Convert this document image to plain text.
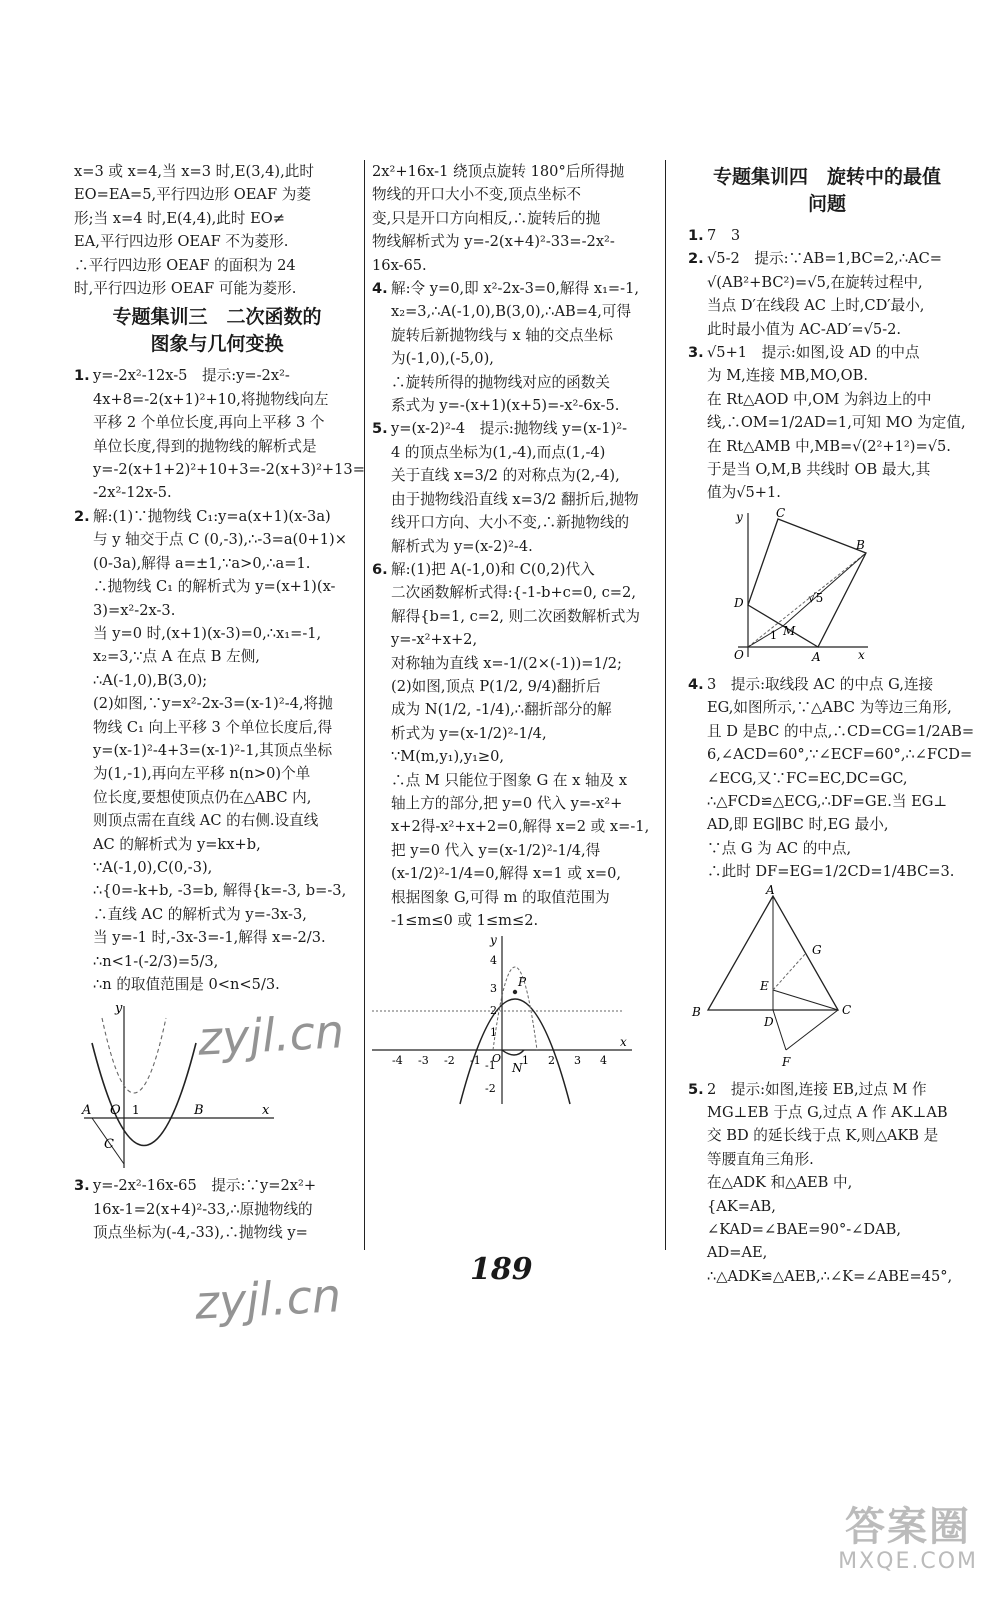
x=3 或 x=4,当 x=3 时,E(3,4),此时
EO=EA=5,平行四边形 OEAF 为菱
形;当 x=4 时,E(4,4),此时 EO≠
EA,平行四边形 OEAF 不为菱形.
∴平行四边形 OEAF 的面积为 24
时,平行四边形 OEAF 可能为菱形.
专题集训三　二次函数的
图象与几何变换
1. y=-2x²-12x-5　提示:y=-2x²-
4x+8=-2(x+1)²+10,将抛物线向左
平移 2 个单位长度,再向上平移 3 个
单位长度,得到的抛物线的解析式是
y=-2(x+1+2)²+10+3=-2(x+3)²+13=
-2x²-12x-5.
2. 解:(1)∵抛物线 C₁:y=a(x+1)(x-3a)
与 y 轴交于点 C (0,-3),∴-3=a(0+1)×
(0-3a),解得 a=±1,∵a>0,∴a=1.
∴抛物线 C₁ 的解析式为 y=(x+1)(x-
3)=x²-2x-3.
当 y=0 时,(x+1)(x-3)=0,∴x₁=-1,
x₂=3,∵点 A 在点 B 左侧,
∴A(-1,0),B(3,0);
(2)如图,∵y=x²-2x-3=(x-1)²-4,将抛
物线 C₁ 向上平移 3 个单位长度后,得
y=(x-1)²-4+3=(x-1)²-1,其顶点坐标
为(1,-1),再向左平移 n(n>0)个单
位长度,要想使顶点仍在△ABC 内,
则顶点需在直线 AC 的右侧.设直线
AC 的解析式为 y=kx+b,
∵A(-1,0),C(0,-3),
∴{0=-k+b, -3=b, 解得{k=-3, b=-3,
∴直线 AC 的解析式为 y=-3x-3,
当 y=-1 时,-3x-3=-1,解得 x=-2/3.
∴n<1-(-2/3)=5/3,
∴n 的取值范围是 0<n<5/3.
y
A O 1	B	x
C
3. y=-2x²-16x-65　提示:∵y=2x²+
16x-1=2(x+4)²-33,∴原抛物线的
顶点坐标为(-4,-33),∴抛物线 y=
2x²+16x-1 绕顶点旋转 180°后所得抛
物线的开口大小不变,顶点坐标不
变,只是开口方向相反,∴旋转后的抛
物线解析式为 y=-2(x+4)²-33=-2x²-
16x-65.
4. 解:令 y=0,即 x²-2x-3=0,解得 x₁=-1,
x₂=3,∴A(-1,0),B(3,0),∴AB=4,可得
旋转后新抛物线与 x 轴的交点坐标
为(-1,0),(-5,0),
∴旋转所得的抛物线对应的函数关
系式为 y=-(x+1)(x+5)=-x²-6x-5.
5. y=(x-2)²-4　提示:抛物线 y=(x-1)²-
4 的顶点坐标为(1,-4),而点(1,-4)
关于直线 x=3/2 的对称点为(2,-4),
由于抛物线沿直线 x=3/2 翻折后,抛物
线开口方向、大小不变,∴新抛物线的
解析式为 y=(x-2)²-4.
6. 解:(1)把 A(-1,0)和 C(0,2)代入
二次函数解析式得:{-1-b+c=0, c=2,
解得{b=1, c=2, 则二次函数解析式为
y=-x²+x+2,
对称轴为直线 x=-1/(2×(-1))=1/2;
(2)如图,顶点 P(1/2, 9/4)翻折后
成为 N(1/2, -1/4),∴翻折部分的解
析式为 y=(x-1/2)²-1/4,
∵M(m,y₁),y₁≥0,
∴点 M 只能位于图象 G 在 x 轴及 x
轴上方的部分,把 y=0 代入 y=-x²+
x+2得-x²+x+2=0,解得 x=2 或 x=-1,
把 y=0 代入 y=(x-1/2)²-1/4,得
(x-1/2)²-1/4=0,解得 x=1 或 x=0,
根据图象 G,可得 m 的取值范围为
-1≤m≤0 或 1≤m≤2.
y
4
3
2
1
-1
-2
-4 -3 -2 -1	1 2 3 4
x
P
N
O
专题集训四　旋转中的最值
问题
1. 7　3
2. √5-2　提示:∵AB=1,BC=2,∴AC=
√(AB²+BC²)=√5,在旋转过程中,
当点 D′在线段 AC 上时,CD′最小,
此时最小值为 AC-AD′=√5-2.
3. √5+1　提示:如图,设 AD 的中点
为 M,连接 MB,MO,OB.
在 Rt△AOD 中,OM 为斜边上的中
线,∴OM=1/2AD=1,可知 MO 为定值,
在 Rt△AMB 中,MB=√(2²+1²)=√5.
于是当 O,M,B 共线时 OB 最大,其
值为√5+1.
y	C
B
D	√5
M
1
O	A	x
4. 3　提示:取线段 AC 的中点 G,连接
EG,如图所示,∵△ABC 为等边三角形,
且 D 是BC 的中点,∴CD=CG=1/2AB=
6,∠ACD=60°,∵∠ECF=60°,∴∠FCD=
∠ECG,又∵FC=EC,DC=GC,
∴△FCD≌△ECG,∴DF=GE.当 EG⊥
AD,即 EG∥BC 时,EG 最小,
∵点 G 为 AC 的中点,
∴此时 DF=EG=1/2CD=1/4BC=3.
A
G
E
B
D
C
F
5. 2　提示:如图,连接 EB,过点 M 作
MG⊥EB 于点 G,过点 A 作 AK⊥AB
交 BD 的延长线于点 K,则△AKB 是
等腰直角三角形.
在△ADK 和△AEB 中,
{AK=AB,
∠KAD=∠BAE=90°-∠DAB,
AD=AE,
∴△ADK≌△AEB,∴∠K=∠ABE=45°,
189
zyjl.cn
zyjl.cn
答案圈
MXQE.COM
